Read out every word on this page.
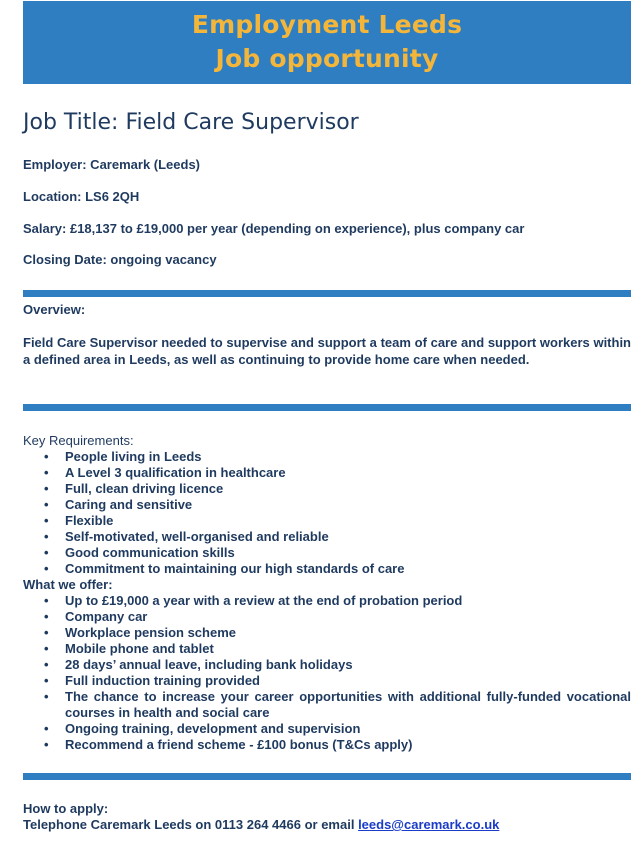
Employment Leeds
Job opportunity
Job Title: Field Care Supervisor
Employer: Caremark (Leeds)
Location: LS6 2QH
Salary: £18,137 to £19,000 per year (depending on experience), plus company car
Closing Date: ongoing vacancy
Overview:
Field Care Supervisor needed to supervise and support a team of care and support workers within a defined area in Leeds, as well as continuing to provide home care when needed.
Key Requirements:
• People living in Leeds
• A Level 3 qualification in healthcare
• Full, clean driving licence
• Caring and sensitive
• Flexible
• Self-motivated, well-organised and reliable
• Good communication skills
• Commitment to maintaining our high standards of care
What we offer:
• Up to £19,000 a year with a review at the end of probation period
• Company car
• Workplace pension scheme
• Mobile phone and tablet
• 28 days’ annual leave, including bank holidays
• Full induction training provided
• The chance to increase your career opportunities with additional fully-funded vocational courses in health and social care
• Ongoing training, development and supervision
• Recommend a friend scheme - £100 bonus (T&Cs apply)
How to apply:
Telephone Caremark Leeds on 0113 264 4466 or email leeds@caremark.co.uk
